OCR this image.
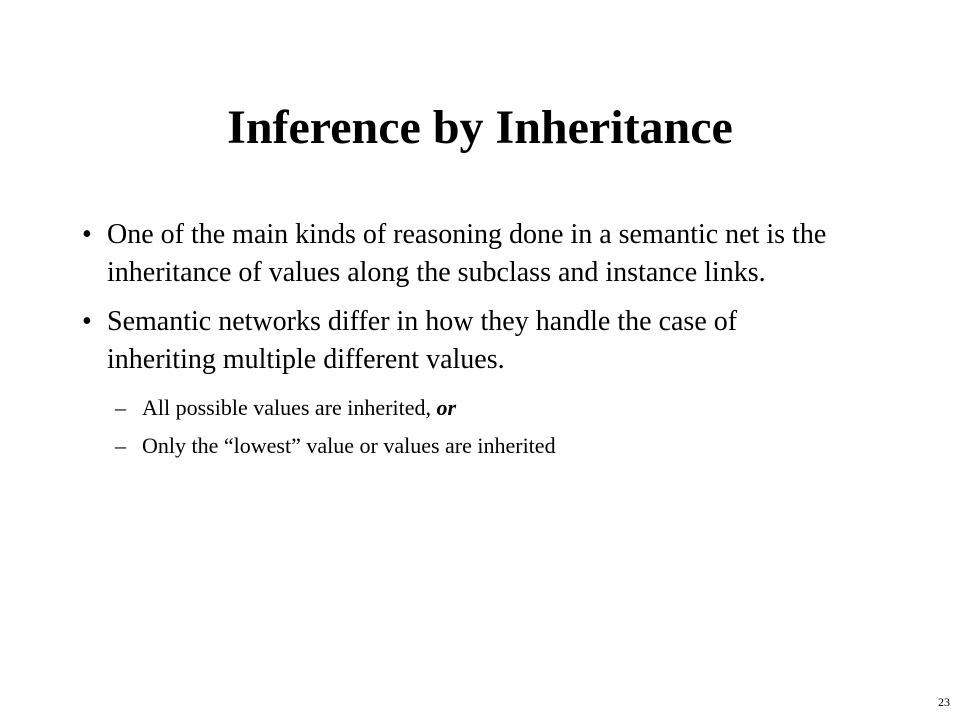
Inference by Inheritance
• One of the main kinds of reasoning done in a semantic net is the inheritance of values along the subclass and instance links.
• Semantic networks differ in how they handle the case of inheriting multiple different values.
– All possible values are inherited, or
– Only the “lowest” value or values are inherited
23
